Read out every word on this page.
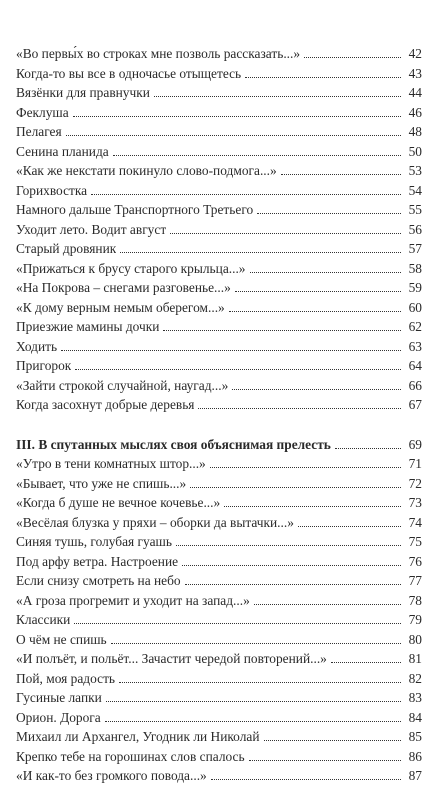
«Во первы́х во строках мне позволь рассказать...»	42
Когда-то вы все в одночасье отыщетесь	43
Вязёнки для правнучки	44
Феклуша	46
Пелагея	48
Сенина планида	50
«Как же некстати покинуло слово-подмога...»	53
Горихвостка	54
Намного дальше Транспортного Третьего	55
Уходит лето. Водит август	56
Старый дровяник	57
«Прижаться к брусу старого крыльца...»	58
«На Покрова – снегами разговенье...»	59
«К дому верным немым оберегом...»	60
Приезжие мамины дочки	62
Ходить	63
Пригорок	64
«Зайти строкой случайной, наугад...»	66
Когда засохнут добрые деревья	67
III. В спутанных мыслях своя объяснимая прелесть	69
«Утро в тени комнатных штор...»	71
«Бывает, что уже не спишь...»	72
«Когда б душе не вечное кочевье...»	73
«Весёлая блузка у пряхи – оборки да вытачки...»	74
Синяя тушь, голубая гуашь	75
Под арфу ветра. Настроение	76
Если снизу смотреть на небо	77
«А гроза прогремит и уходит на запад...»	78
Классики	79
О чём не спишь	80
«И полъёт, и польёт... Зачастит чередой повторений...»	81
Пой, моя радость	82
Гусиные лапки	83
Орион. Дорога	84
Михаил ли Архангел, Угодник ли Николай	85
Крепко тебе на горошинах слов спалось	86
«И как-то без громкого повода...»	87
